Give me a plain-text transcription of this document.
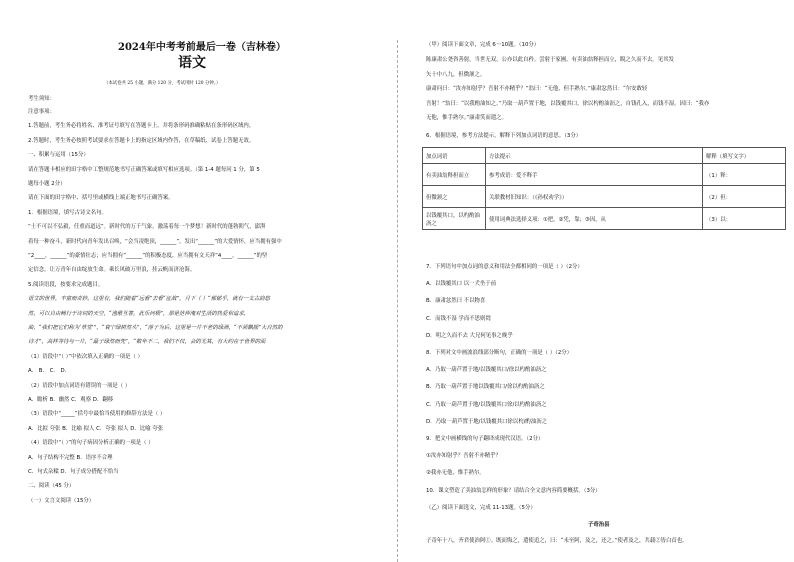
2024年中考考前最后一卷（吉林卷）
语文
（本试卷共 25 小题，满分 120 分，考试用时 120 分钟。）
考生须知：
注意事项：
1.答题前，考生务必将姓名、准考证号填写在答题卡上，并将条形码准确粘贴在条形码区域内。
2.答题时，考生务必按照考试要求在答题卡上的指定区域内作答，在草稿纸、试卷上答题无效。
一、积累与运用（15分）
请在答题卡相应的田字格中工整规范地书写正确答案或填写相应选项。（第 1-4 题每问 1 分，第 5
题每小题 2分）
请在下面的田字格中、括号里或横线上端正地书写正确答案。
1．根据语境，填写古诗文名句。
“士不可以不弘毅，任重而道远”。新时代的万千气象，激荡着每一个梦想！新时代的蓬勃朝气，澎湃
着每一种奋斗，新时代向青年发出召唤，“会当凌绝顶，______”，发出“______”的大爱情怀，应当拥有强中
“2____，______”的豪情壮志；应当拥有“______”的积极态度，应当拥有文天祥“4____，______”的坚
定信念。让万青年自由绽放生命。乘长风破万里浪，挂云帆而济沧海。
5.阅读语段，按要求完成题目。
语文的世界，丰富而奇妙。这里有，我们随着“远看”去看“征战”，月下（ ）“郁郁乎，就有一支古韵悠
然，可以自由畅行于诗词的天空，“渔歌互答，此乐何极”，那是范仲淹对生活的热爱和追求，
曲，“我们把它们称为‘草堂’”，“衰宁绿树然头”，“落子为后，这里是一片不老的绿洲，“不须飘摇”大自然的
诗才”，高样等待与一片，“最子绿然而先”，“数年不二，我们不仅，会的无其，有大约在于世界的面
（1）语段中“（ ）”中依次填入正确的一项是（ ）
A． B． C． D．
（2）语段中加点词语有错误的一项是（ ）
A．瞻析 B．幽然 C．观察 D．翻移
（3）语段中“_____”括号中最恰当使用的修辞方法是（ ）
A．比拟 夸张 B．比喻 拟人 C．夸张 拟人 D．比喻 夸张
（4）语段中“（ ）”的句子病因分析正确的一项是（ ）
A．句子结构不完整 B．语序不合理
C．句式杂糅 D．句子成分搭配不恰当
二、阅读（45 分）
（一）文言文阅读（15分）
（甲）阅读下面文章，完成 6～10题。（10分）
陈康肃公尧咨善射，当世无双，公亦以此自矜。尝射于家圃，有卖油翁释担而立，睨之久而不去。见其发
矢十中八九，但微颔之。
康肃问曰：“汝亦知射乎？吾射不亦精乎？”翁曰：“无他，但手熟尔。”康肃忿然曰：“尔安敢轻
吾射！”翁曰：“以我酌油知之。”乃取一葫芦置于地，以钱覆其口，徐以杓酌油沥之，自钱孔入，而钱不湿。因曰：“我亦
无他，惟手熟尔。”康肃笑而遣之。
6．根据语境，参考方法提示，解释下列加点词语的意思。（3分）
加点词语	方法提示	解释（填写文字）
有卖油翁释担而立	参考成语：爱不释手	（1）释：
但微颔之	关联教材旧知识：（《孙权劝学》）	（2）但：
以钱覆其口，以杓酌油沥之	使用词典法选择义项：①把，②凭，靠；③因，从	（3）以：
7．下列语句中加点词的意义和用法全都相同的一项是（ ）（2分）
A．以钱覆其口 以一犬坐于前
B．康肃忿然曰 不以物喜
C．而钱不湿 学而不思则罔
D．明之久而不去 大兄何见事之晚乎
8．下列对文中画波浪线部分断句，正确的一项是（ ）（2分）
A．乃取一葫芦置于地/以钱覆其口/徐以杓酌油沥之
B．乃取一葫芦置于地以钱覆其口/徐以杓酌油沥之
C．乃取一葫芦置于地/以钱覆其口徐/以杓酌油沥之
D．乃取一葫芦置于地/以钱覆其口徐以杓/酌油沥之
9．把文中画横线的句子翻译成现代汉语。（2分）
①汝亦知射乎？吾射不亦精乎？
②我亦无他，惟手熟尔。
10．课文塑造了卖油翁怎样的形象？请结合全文意内容简要概括。（3分）
（乙）阅读下面选文，完成 11-13题。（5分）
子奇治县
子奇年十八，齐君使治阿①。既而悔之，遣使追之，曰：“未至阿，及之，还之。”使者及之，共载②皆白首也。
